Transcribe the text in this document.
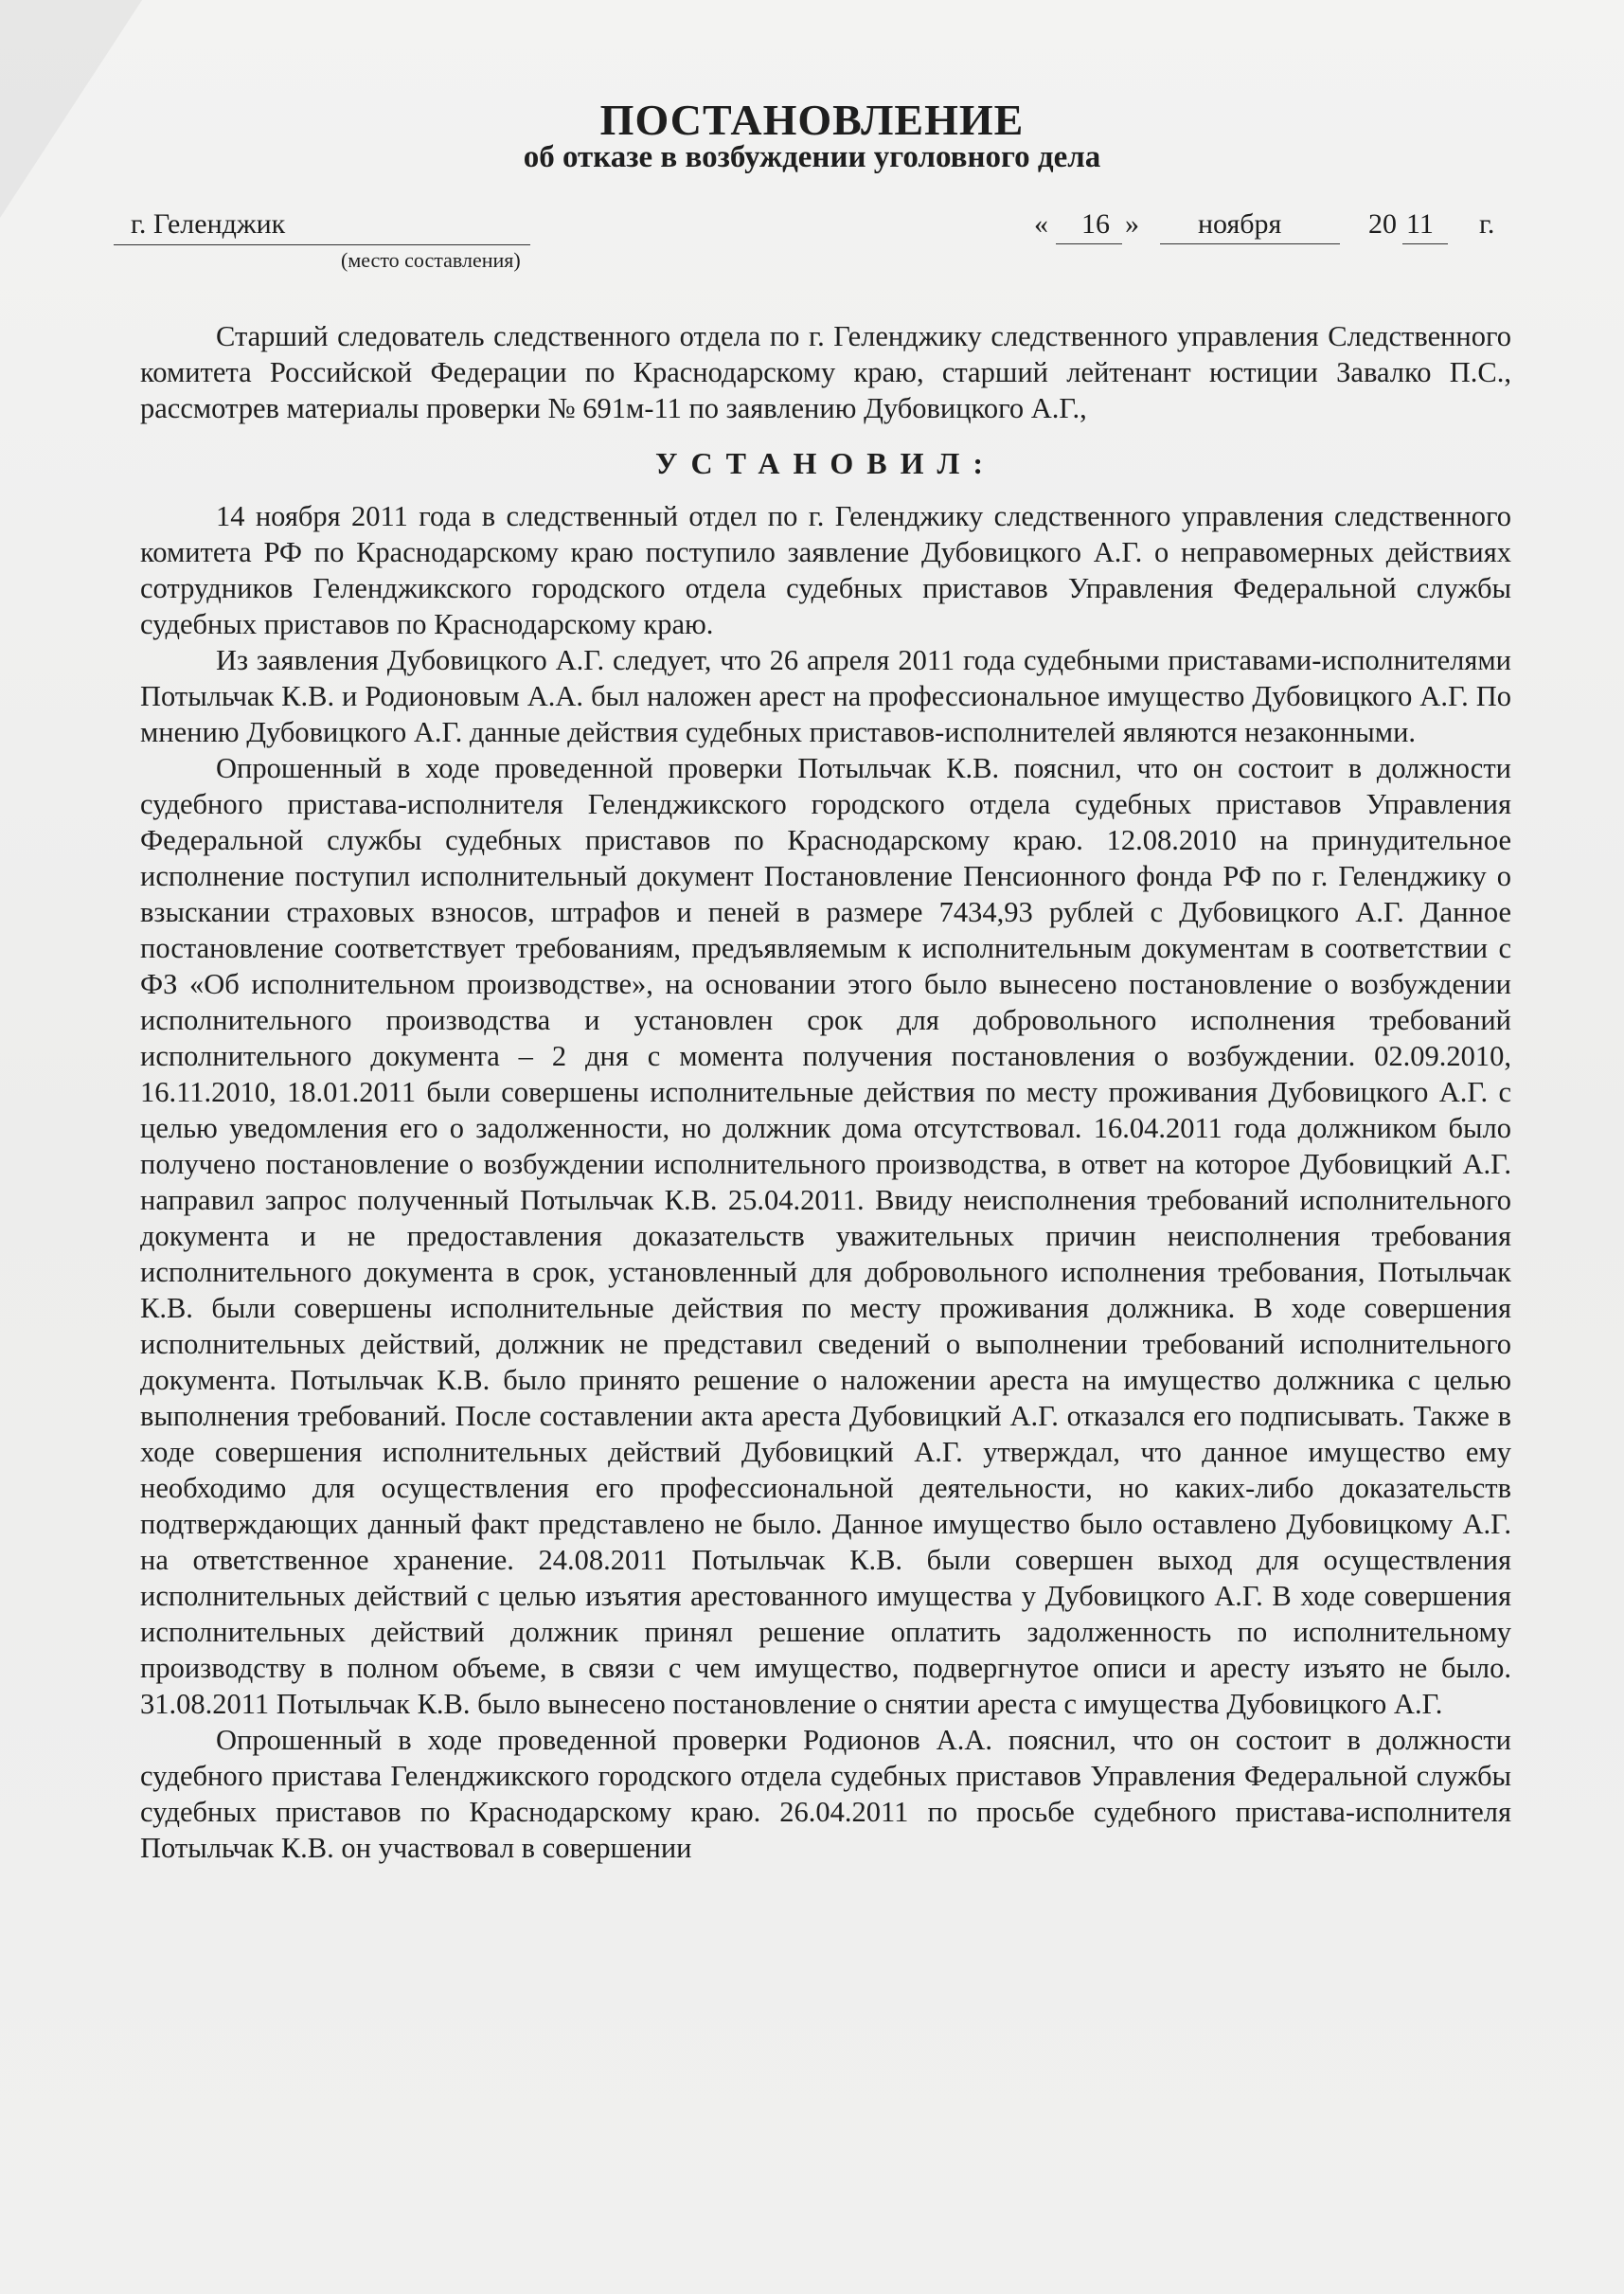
ПОСТАНОВЛЕНИЕ
об отказе в возбуждении уголовного дела
г. Геленджик
(место составления)
« 16 » ноября	20 11 г.

Старший следователь следственного отдела по г. Геленджику следственного управления Следственного комитета Российской Федерации по Краснодарскому краю, старший лейтенант юстиции Завалко П.С., рассмотрев материалы проверки № 691м-11 по заявлению Дубовицкого А.Г.,

УСТАНОВИЛ:

14 ноября 2011 года в следственный отдел по г. Геленджику следственного управления следственного комитета РФ по Краснодарскому краю поступило заявление Дубовицкого А.Г. о неправомерных действиях сотрудников Геленджикского городского отдела судебных приставов Управления Федеральной службы судебных приставов по Краснодарскому краю.

Из заявления Дубовицкого А.Г. следует, что 26 апреля 2011 года судебными приставами-исполнителями Потыльчак К.В. и Родионовым А.А. был наложен арест на профессиональное имущество Дубовицкого А.Г. По мнению Дубовицкого А.Г. данные действия судебных приставов-исполнителей являются незаконными.

Опрошенный в ходе проведенной проверки Потыльчак К.В. пояснил, что он состоит в должности судебного пристава-исполнителя Геленджикского городского отдела судебных приставов Управления Федеральной службы судебных приставов по Краснодарскому краю. 12.08.2010 на принудительное исполнение поступил исполнительный документ Постановление Пенсионного фонда РФ по г. Геленджику о взыскании страховых взносов, штрафов и пеней в размере 7434,93 рублей с Дубовицкого А.Г. Данное постановление соответствует требованиям, предъявляемым к исполнительным документам в соответствии с ФЗ «Об исполнительном производстве», на основании этого было вынесено постановление о возбуждении исполнительного производства и установлен срок для добровольного исполнения требований исполнительного документа – 2 дня с момента получения постановления о возбуждении. 02.09.2010, 16.11.2010, 18.01.2011 были совершены исполнительные действия по месту проживания Дубовицкого А.Г. с целью уведомления его о задолженности, но должник дома отсутствовал. 16.04.2011 года должником было получено постановление о возбуждении исполнительного производства, в ответ на которое Дубовицкий А.Г. направил запрос полученный Потыльчак К.В. 25.04.2011. Ввиду неисполнения требований исполнительного документа и не предоставления доказательств уважительных причин неисполнения требования исполнительного документа в срок, установленный для добровольного исполнения требования, Потыльчак К.В. были совершены исполнительные действия по месту проживания должника. В ходе совершения исполнительных действий, должник не представил сведений о выполнении требований исполнительного документа. Потыльчак К.В. было принято решение о наложении ареста на имущество должника с целью выполнения требований. После составлении акта ареста Дубовицкий А.Г. отказался его подписывать. Также в ходе совершения исполнительных действий Дубовицкий А.Г. утверждал, что данное имущество ему необходимо для осуществления его профессиональной деятельности, но каких-либо доказательств подтверждающих данный факт представлено не было. Данное имущество было оставлено Дубовицкому А.Г. на ответственное хранение. 24.08.2011 Потыльчак К.В. были совершен выход для осуществления исполнительных действий с целью изъятия арестованного имущества у Дубовицкого А.Г. В ходе совершения исполнительных действий должник принял решение оплатить задолженность по исполнительному производству в полном объеме, в связи с чем имущество, подвергнутое описи и аресту изъято не было. 31.08.2011 Потыльчак К.В. было вынесено постановление о снятии ареста с имущества Дубовицкого А.Г.

Опрошенный в ходе проведенной проверки Родионов А.А. пояснил, что он состоит в должности судебного пристава Геленджикского городского отдела судебных приставов Управления Федеральной службы судебных приставов по Краснодарскому краю. 26.04.2011 по просьбе судебного пристава-исполнителя Потыльчак К.В. он участвовал в совершении
